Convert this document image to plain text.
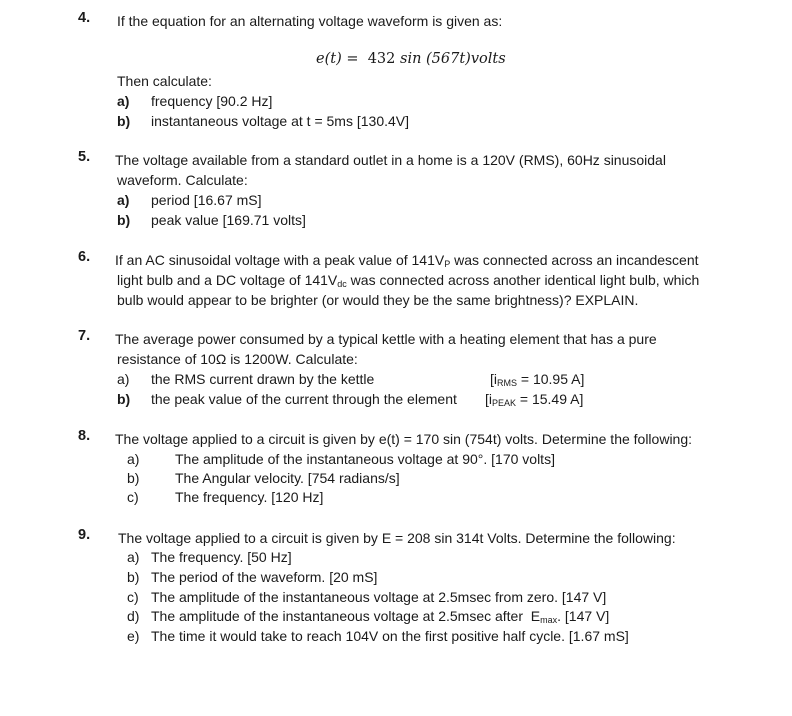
4. If the equation for an alternating voltage waveform is given as:
e(t) = 432 sin (567t)volts
Then calculate:
a) frequency [90.2 Hz]
b) instantaneous voltage at t = 5ms [130.4V]
5. The voltage available from a standard outlet in a home is a 120V (RMS), 60Hz sinusoidal
waveform. Calculate:
a) period [16.67 mS]
b) peak value [169.71 volts]
6. If an AC sinusoidal voltage with a peak value of $141V_P$ was connected across an incandescent
light bulb and a DC voltage of $141V_{dc}$ was connected across another identical light bulb, which
bulb would appear to be brighter (or would they be the same brightness)? EXPLAIN.
7. The average power consumed by a typical kettle with a heating element that has a pure
resistance of 10Ω is 1200W. Calculate:
a) the RMS current drawn by the kettle	[$i_{RMS} = 10.95$ A]
b) the peak value of the current through the element [$i_{PEAK} = 15.49$ A]
8. The voltage applied to a circuit is given by e(t) = 170 sin (754t) volts. Determine the following:
a)	The amplitude of the instantaneous voltage at 90°. [170 volts]
b)	The Angular velocity. [754 radians/s]
c)	The frequency. [120 Hz]
9. The voltage applied to a circuit is given by E = 208 sin 314t Volts. Determine the following:
a) The frequency. [50 Hz]
b) The period of the waveform. [20 mS]
c) The amplitude of the instantaneous voltage at 2.5msec from zero. [147 V]
d) The amplitude of the instantaneous voltage at 2.5msec after  $E_{max}$. [147 V]
e) The time it would take to reach 104V on the first positive half cycle. [1.67 mS]
